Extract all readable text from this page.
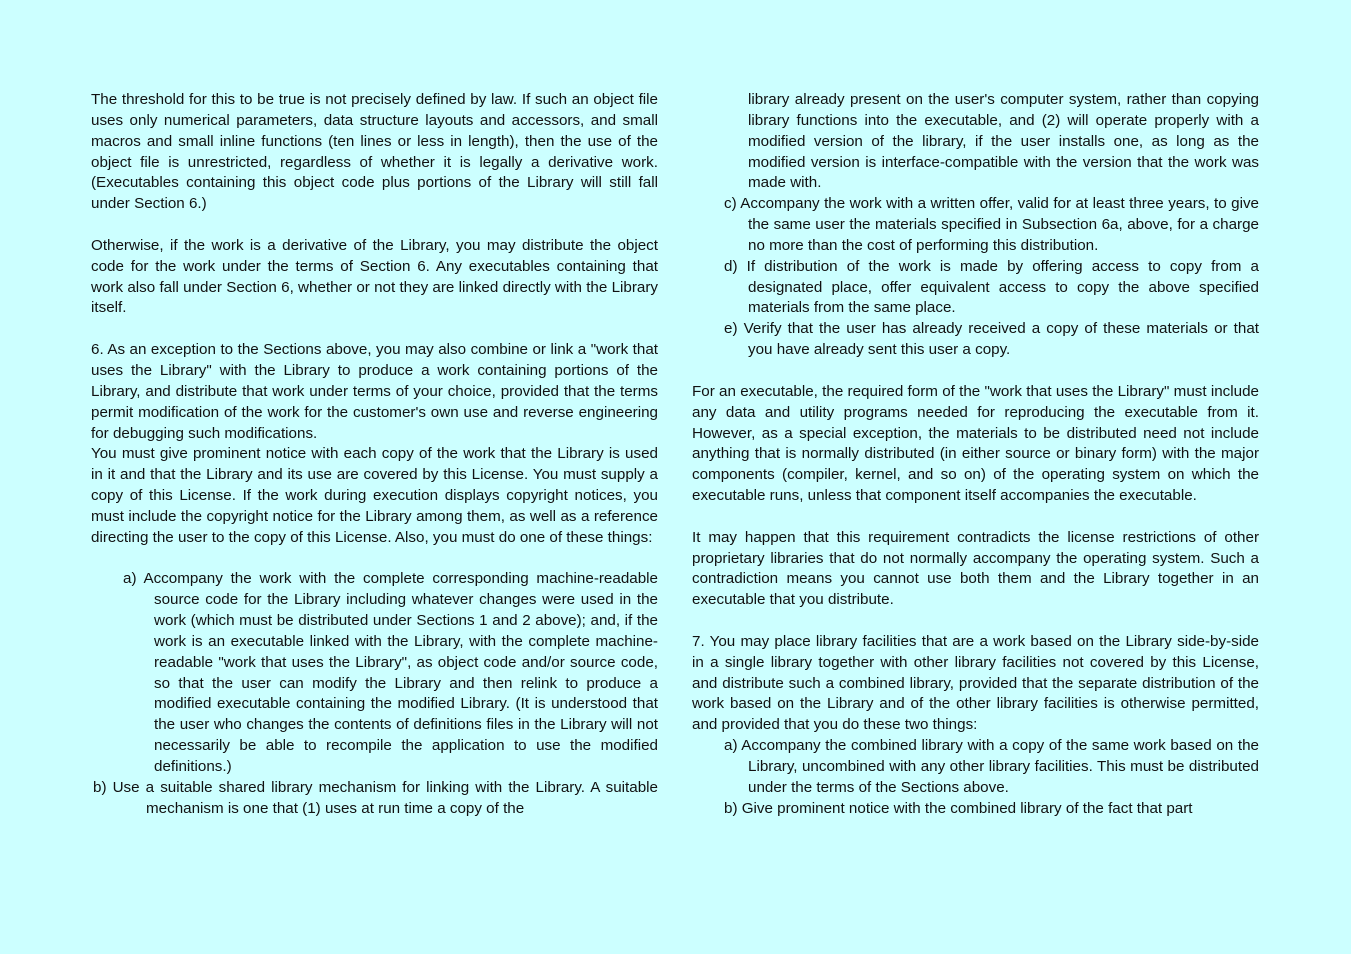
The threshold for this to be true is not precisely defined by law. If such an object file uses only numerical parameters, data structure layouts and accessors, and small macros and small inline functions (ten lines or less in length), then the use of the object file is unrestricted, regardless of whether it is legally a derivative work. (Executables containing this object code plus portions of the Library will still fall under Section 6.)

Otherwise, if the work is a derivative of the Library, you may distribute the object code for the work under the terms of Section 6. Any executables containing that work also fall under Section 6, whether or not they are linked directly with the Library itself.

6. As an exception to the Sections above, you may also combine or link a "work that uses the Library" with the Library to produce a work containing portions of the Library, and distribute that work under terms of your choice, provided that the terms permit modification of the work for the customer's own use and reverse engineering for debugging such modifications.

You must give prominent notice with each copy of the work that the Library is used in it and that the Library and its use are covered by this License. You must supply a copy of this License. If the work during execution displays copyright notices, you must include the copyright notice for the Library among them, as well as a reference directing the user to the copy of this License. Also, you must do one of these things:

a) Accompany the work with the complete corresponding machine-readable source code for the Library including whatever changes were used in the work (which must be distributed under Sections 1 and 2 above); and, if the work is an executable linked with the Library, with the complete machine-readable "work that uses the Library", as object code and/or source code, so that the user can modify the Library and then relink to produce a modified executable containing the modified Library. (It is understood that the user who changes the contents of definitions files in the Library will not necessarily be able to recompile the application to use the modified definitions.)
b) Use a suitable shared library mechanism for linking with the Library. A suitable mechanism is one that (1) uses at run time a copy of the

library already present on the user's computer system, rather than copying library functions into the executable, and (2) will operate properly with a modified version of the library, if the user installs one, as long as the modified version is interface-compatible with the version that the work was made with.

c) Accompany the work with a written offer, valid for at least three years, to give the same user the materials specified in Subsection 6a, above, for a charge no more than the cost of performing this distribution.
d) If distribution of the work is made by offering access to copy from a designated place, offer equivalent access to copy the above specified materials from the same place.
e) Verify that the user has already received a copy of these materials or that you have already sent this user a copy.

For an executable, the required form of the "work that uses the Library" must include any data and utility programs needed for reproducing the executable from it. However, as a special exception, the materials to be distributed need not include anything that is normally distributed (in either source or binary form) with the major components (compiler, kernel, and so on) of the operating system on which the executable runs, unless that component itself accompanies the executable.

It may happen that this requirement contradicts the license restrictions of other proprietary libraries that do not normally accompany the operating system. Such a contradiction means you cannot use both them and the Library together in an executable that you distribute.

7. You may place library facilities that are a work based on the Library side-by-side in a single library together with other library facilities not covered by this License, and distribute such a combined library, provided that the separate distribution of the work based on the Library and of the other library facilities is otherwise permitted, and provided that you do these two things:

a) Accompany the combined library with a copy of the same work based on the Library, uncombined with any other library facilities. This must be distributed under the terms of the Sections above.
b) Give prominent notice with the combined library of the fact that part
